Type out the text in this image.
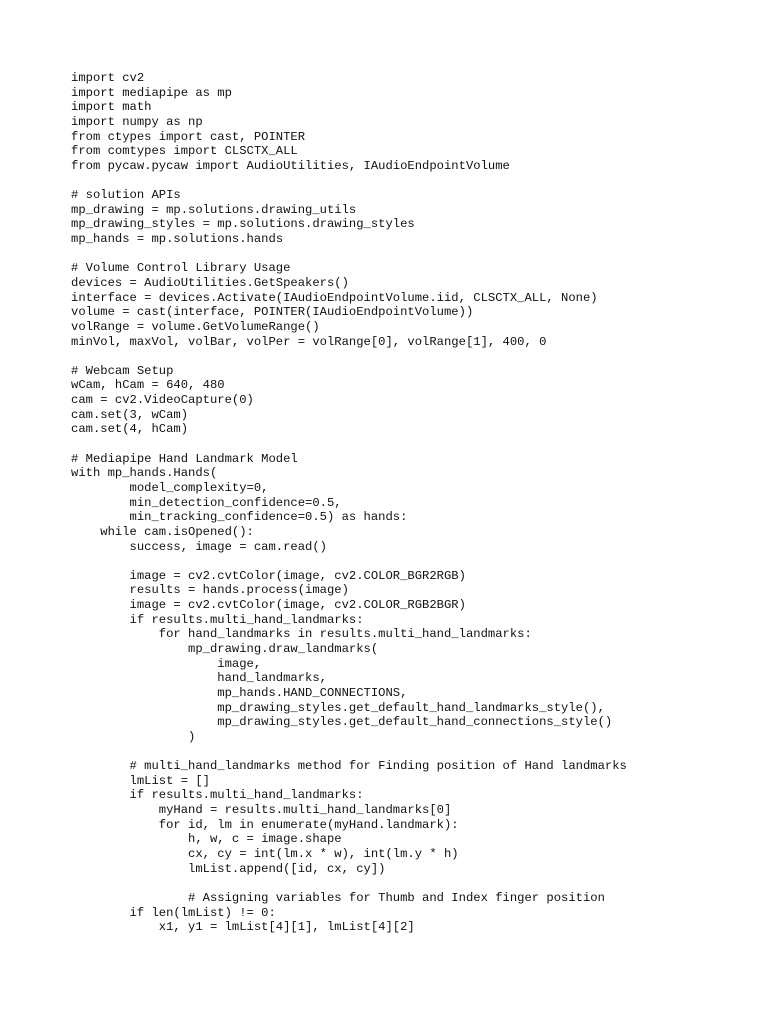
import cv2
import mediapipe as mp
import math
import numpy as np
from ctypes import cast, POINTER
from comtypes import CLSCTX_ALL
from pycaw.pycaw import AudioUtilities, IAudioEndpointVolume
# solution APIs
mp_drawing = mp.solutions.drawing_utils
mp_drawing_styles = mp.solutions.drawing_styles
mp_hands = mp.solutions.hands
# Volume Control Library Usage
devices = AudioUtilities.GetSpeakers()
interface = devices.Activate(IAudioEndpointVolume.iid, CLSCTX_ALL, None)
volume = cast(interface, POINTER(IAudioEndpointVolume))
volRange = volume.GetVolumeRange()
minVol, maxVol, volBar, volPer = volRange[0], volRange[1], 400, 0
# Webcam Setup
wCam, hCam = 640, 480
cam = cv2.VideoCapture(0)
cam.set(3, wCam)
cam.set(4, hCam)
# Mediapipe Hand Landmark Model
with mp_hands.Hands(
model_complexity=0,
min_detection_confidence=0.5,
min_tracking_confidence=0.5) as hands:
while cam.isOpened():
success, image = cam.read()
image = cv2.cvtColor(image, cv2.COLOR_BGR2RGB)
results = hands.process(image)
image = cv2.cvtColor(image, cv2.COLOR_RGB2BGR)
if results.multi_hand_landmarks:
for hand_landmarks in results.multi_hand_landmarks:
mp_drawing.draw_landmarks(
image,
hand_landmarks,
mp_hands.HAND_CONNECTIONS,
mp_drawing_styles.get_default_hand_landmarks_style(),
mp_drawing_styles.get_default_hand_connections_style()
)
# multi_hand_landmarks method for Finding position of Hand landmarks
lmList = []
if results.multi_hand_landmarks:
myHand = results.multi_hand_landmarks[0]
for id, lm in enumerate(myHand.landmark):
h, w, c = image.shape
cx, cy = int(lm.x * w), int(lm.y * h)
lmList.append([id, cx, cy])
# Assigning variables for Thumb and Index finger position
if len(lmList) != 0:
x1, y1 = lmList[4][1], lmList[4][2]
